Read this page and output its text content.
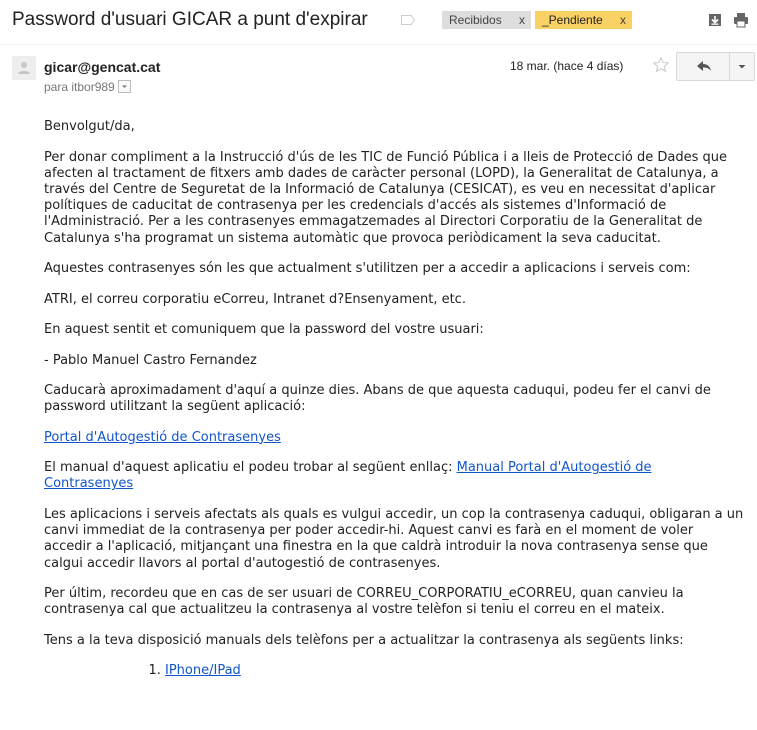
Password d'usuari GICAR a punt d'expirar	Recibidos x	_Pendiente x
gicar@gencat.cat
para itbor989
18 mar. (hace 4 días)

Benvolgut/da,

Per donar compliment a la Instrucció d'ús de les TIC de Funció Pública i a lleis de Protecció de Dades que afecten al tractament de fitxers amb dades de caràcter personal (LOPD), la Generalitat de Catalunya, a través del Centre de Seguretat de la Informació de Catalunya (CESICAT), es veu en necessitat d'aplicar polítiques de caducitat de contrasenya per les credencials d'accés als sistemes d'Informació de l'Administració. Per a les contrasenyes emmagatzemades al Directori Corporatiu de la Generalitat de Catalunya s'ha programat un sistema automàtic que provoca periòdicament la seva caducitat.

Aquestes contrasenyes són les que actualment s'utilitzen per a accedir a aplicacions i serveis com:

ATRI, el correu corporatiu eCorreu, Intranet d?Ensenyament, etc.

En aquest sentit et comuniquem que la password del vostre usuari:

- Pablo Manuel Castro Fernandez

Caducarà aproximadament d'aquí a quinze dies. Abans de que aquesta caduqui, podeu fer el canvi de password utilitzant la següent aplicació:

Portal d'Autogestió de Contrasenyes

El manual d'aquest aplicatiu el podeu trobar al següent enllaç: Manual Portal d'Autogestió de Contrasenyes

Les aplicacions i serveis afectats als quals es vulgui accedir, un cop la contrasenya caduqui, obligaran a un canvi immediat de la contrasenya per poder accedir-hi. Aquest canvi es farà en el moment de voler accedir a l'aplicació, mitjançant una finestra en la que caldrà introduir la nova contrasenya sense que calgui accedir llavors al portal d'autogestió de contrasenyes.

Per últim, recordeu que en cas de ser usuari de CORREU_CORPORATIU_eCORREU, quan canvieu la contrasenya cal que actualitzeu la contrasenya al vostre telèfon si teniu el correu en el mateix.

Tens a la teva disposició manuals dels telèfons per a actualitzar la contrasenya als següents links:

1. IPhone/IPad
